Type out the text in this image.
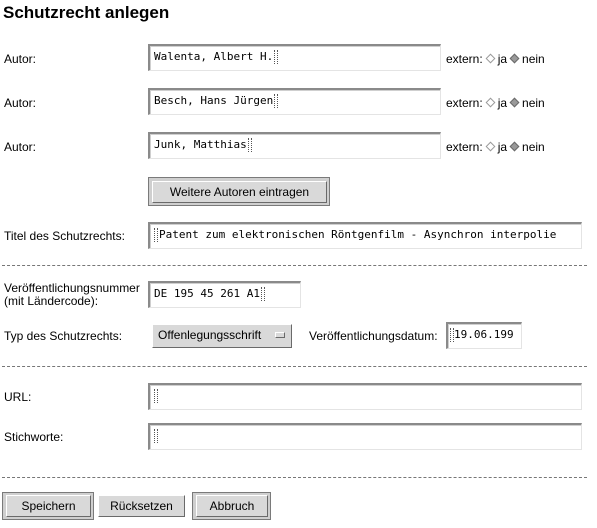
Schutzrecht anlegen
Autor:	Walenta, Albert H.	extern: ja nein
Autor:	Besch, Hans Jürgen	extern: ja nein
Autor:	Junk, Matthias	extern: ja nein
Weitere Autoren eintragen
Titel des Schutzrechts:	Patent zum elektronischen Röntgenfilm - Asynchron interpolie
Veröffentlichungsnummer
(mit Ländercode):
DE 195 45 261 A1
Typ des Schutzrechts:	Offenlegungsschrift	Veröffentlichungsdatum:	19.06.199
URL:
Stichworte:
Speichern	Rücksetzen	Abbruch
